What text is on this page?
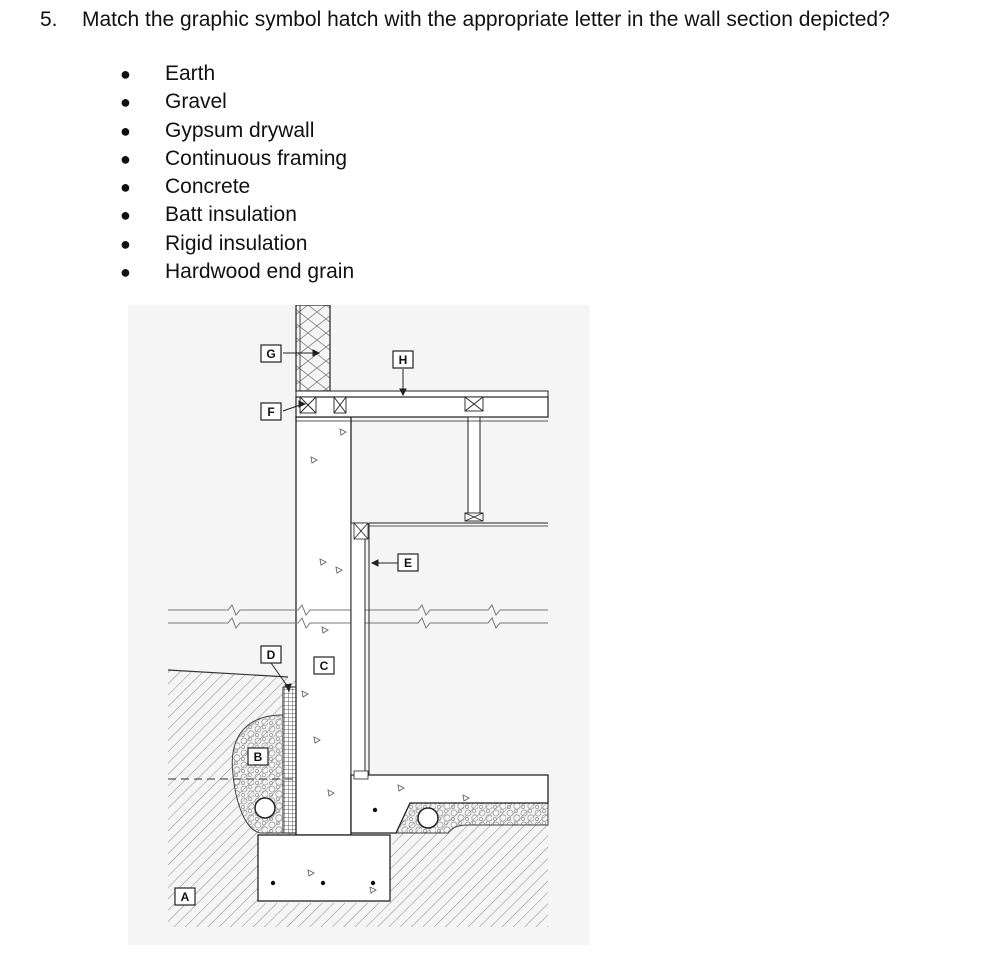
5. Match the graphic symbol hatch with the appropriate letter in the wall section depicted?
● Earth
● Gravel
● Gypsum drywall
● Continuous framing
● Concrete
● Batt insulation
● Rigid insulation
● Hardwood end grain
G
F
H
E
D
C
B
A
